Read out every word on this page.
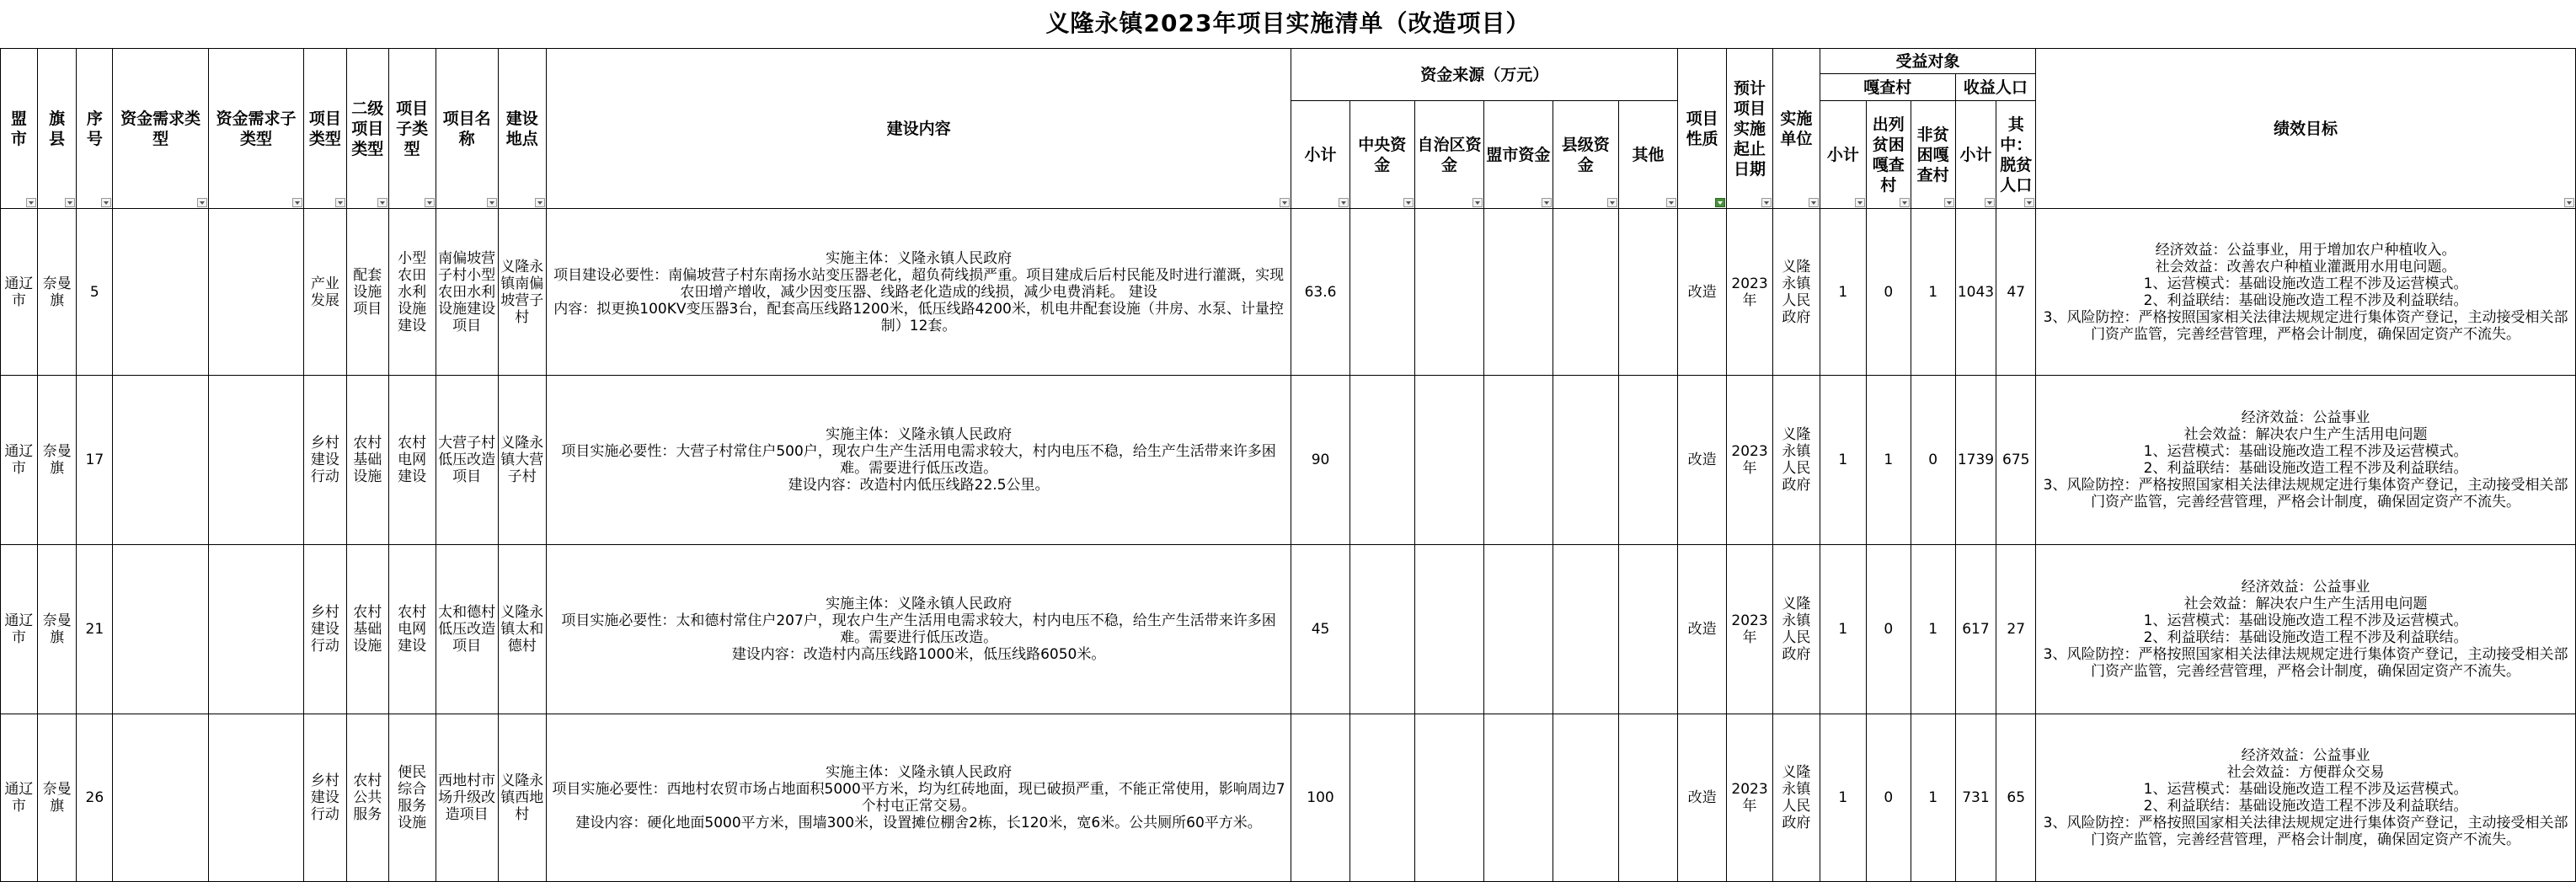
义隆永镇2023年项目实施清单（改造项目）
盟市	旗县	序号	资金需求类型	资金需求子类型	项目类型	二级项目类型	项目子类型	项目名称	建设地点	建设内容	资金来源（万元）						项目性质	预计项目实施起止日期	实施单位	受益对象					绩效目标

																				嘎查村			收益人口		
											小计	中央资金	自治区资金	盟市资金	县级资金	其他				小计	出列贫困嘎查村	非贫困嘎查村	小计	其中：脱贫人口	

通辽市	奈曼旗	5			产业发展	配套设施项目	小型农田水利设施建设	南偏坡营子村小型农田水利设施建设项目	义隆永镇南偏坡营子村	实施主体：义隆永镇人民政府
项目建设必要性：南偏坡营子村东南扬水站变压器老化，超负荷线损严重。项目建成后后村民能及时进行灌溉，实现农田增产增收，减少因变压器、线路老化造成的线损，减少电费消耗。 建设
内容：拟更换100KV变压器3台，配套高压线路1200米，低压线路4200米，机电井配套设施（井房、水泵、计量控制）12套。	63.6						改造	2023年	义隆永镇人民政府	1	0	1	1043	47	经济效益：公益事业，用于增加农户种植收入。
社会效益：改善农户种植业灌溉用水用电问题。
1、运营模式：基础设施改造工程不涉及运营模式。
2、利益联结：基础设施改造工程不涉及利益联结。
3、风险防控：严格按照国家相关法律法规规定进行集体资产登记，主动接受相关部门资产监管，完善经营管理，严格会计制度，确保固定资产不流失。

通辽市	奈曼旗	17			乡村建设行动	农村基础设施	农村电网建设	大营子村低压改造项目	义隆永镇大营子村	实施主体：义隆永镇人民政府
项目实施必要性：大营子村常住户500户，现农户生产生活用电需求较大，村内电压不稳，给生产生活带来许多困难。需要进行低压改造。
建设内容：改造村内低压线路22.5公里。	90						改造	2023年	义隆永镇人民政府	1	1	0	1739	675	经济效益：公益事业
社会效益：解决农户生产生活用电问题
1、运营模式：基础设施改造工程不涉及运营模式。
2、利益联结：基础设施改造工程不涉及利益联结。
3、风险防控：严格按照国家相关法律法规规定进行集体资产登记，主动接受相关部门资产监管，完善经营管理，严格会计制度，确保固定资产不流失。

通辽市	奈曼旗	21			乡村建设行动	农村基础设施	农村电网建设	太和德村低压改造项目	义隆永镇太和德村	实施主体：义隆永镇人民政府
项目实施必要性：太和德村常住户207户，现农户生产生活用电需求较大，村内电压不稳，给生产生活带来许多困难。需要进行低压改造。
建设内容：改造村内高压线路1000米，低压线路6050米。	45						改造	2023年	义隆永镇人民政府	1	0	1	617	27	经济效益：公益事业
社会效益：解决农户生产生活用电问题
1、运营模式：基础设施改造工程不涉及运营模式。
2、利益联结：基础设施改造工程不涉及利益联结。
3、风险防控：严格按照国家相关法律法规规定进行集体资产登记，主动接受相关部门资产监管，完善经营管理，严格会计制度，确保固定资产不流失。

通辽市	奈曼旗	26			乡村建设行动	农村公共服务	便民综合服务设施	西地村市场升级改造项目	义隆永镇西地村	实施主体：义隆永镇人民政府
项目实施必要性：西地村农贸市场占地面积5000平方米，均为红砖地面，现已破损严重，不能正常使用，影响周边7个村屯正常交易。
建设内容：硬化地面5000平方米，围墙300米，设置摊位棚舍2栋，长120米，宽6米。公共厕所60平方米。	100						改造	2023年	义隆永镇人民政府	1	0	1	731	65	经济效益：公益事业
社会效益：方便群众交易
1、运营模式：基础设施改造工程不涉及运营模式。
2、利益联结：基础设施改造工程不涉及利益联结。
3、风险防控：严格按照国家相关法律法规规定进行集体资产登记，主动接受相关部门资产监管，完善经营管理，严格会计制度，确保固定资产不流失。
